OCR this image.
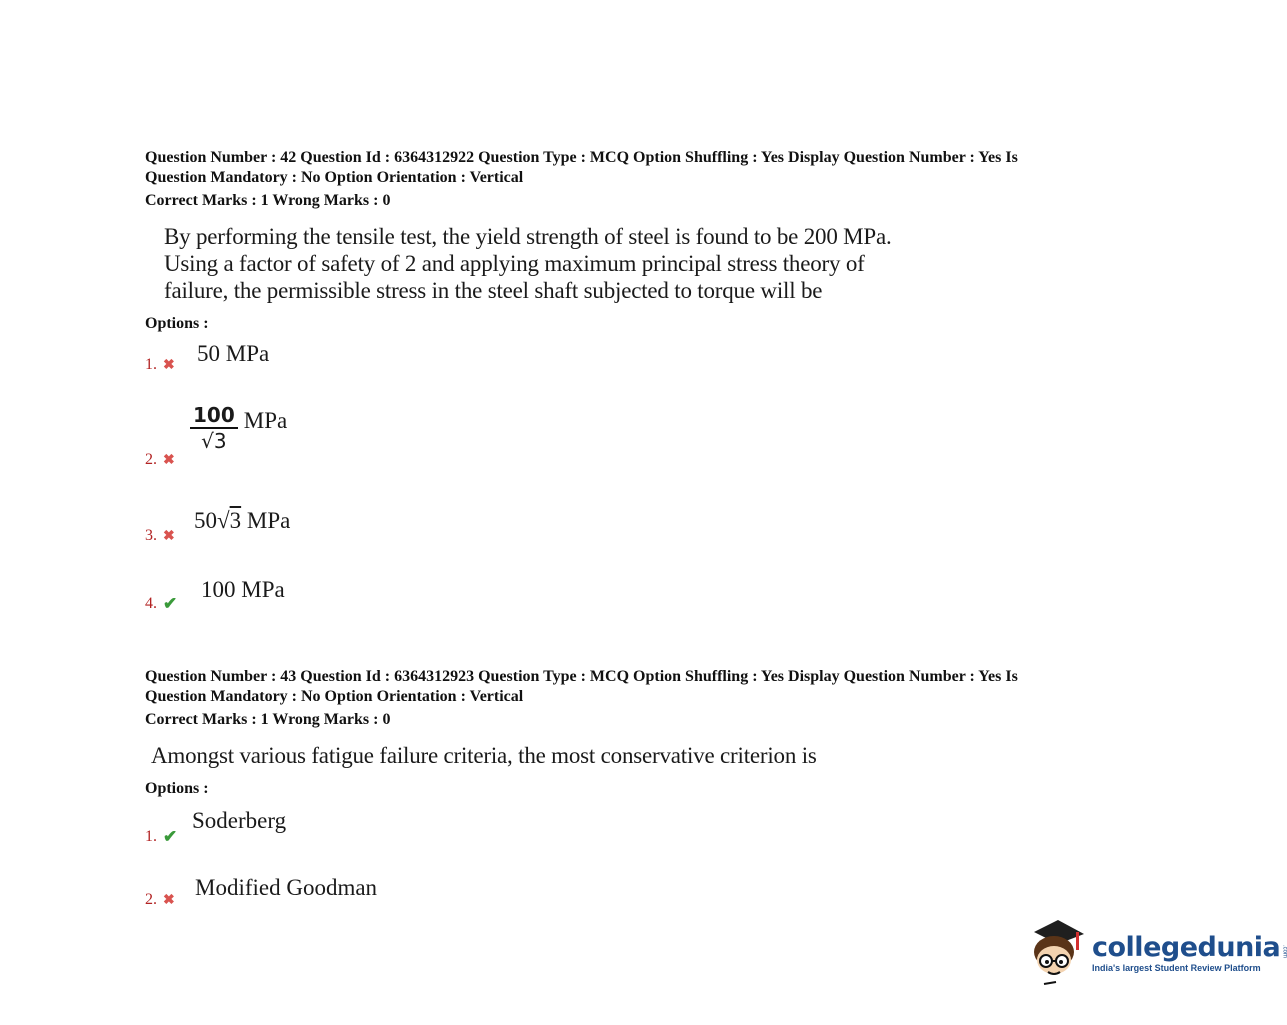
Question Number : 42 Question Id : 6364312922 Question Type : MCQ Option Shuffling : Yes Display Question Number : Yes Is
Question Mandatory : No Option Orientation : Vertical
Correct Marks : 1 Wrong Marks : 0
By performing the tensile test, the yield strength of steel is found to be 200 MPa.
Using a factor of safety of 2 and applying maximum principal stress theory of
failure, the permissible stress in the steel shaft subjected to torque will be
Options :
1. ✖ 50 MPa
2. ✖
$\frac{100}{√3}$ MPa
3. ✖
50√3 MPa
4. ✔
100 MPa
Question Number : 43 Question Id : 6364312923 Question Type : MCQ Option Shuffling : Yes Display Question Number : Yes Is
Question Mandatory : No Option Orientation : Vertical
Correct Marks : 1 Wrong Marks : 0
Amongst various fatigue failure criteria, the most conservative criterion is
Options :
1. ✔
Soderberg
2. ✖ Modified Goodman
collegedunia .com
India's largest Student Review Platform
